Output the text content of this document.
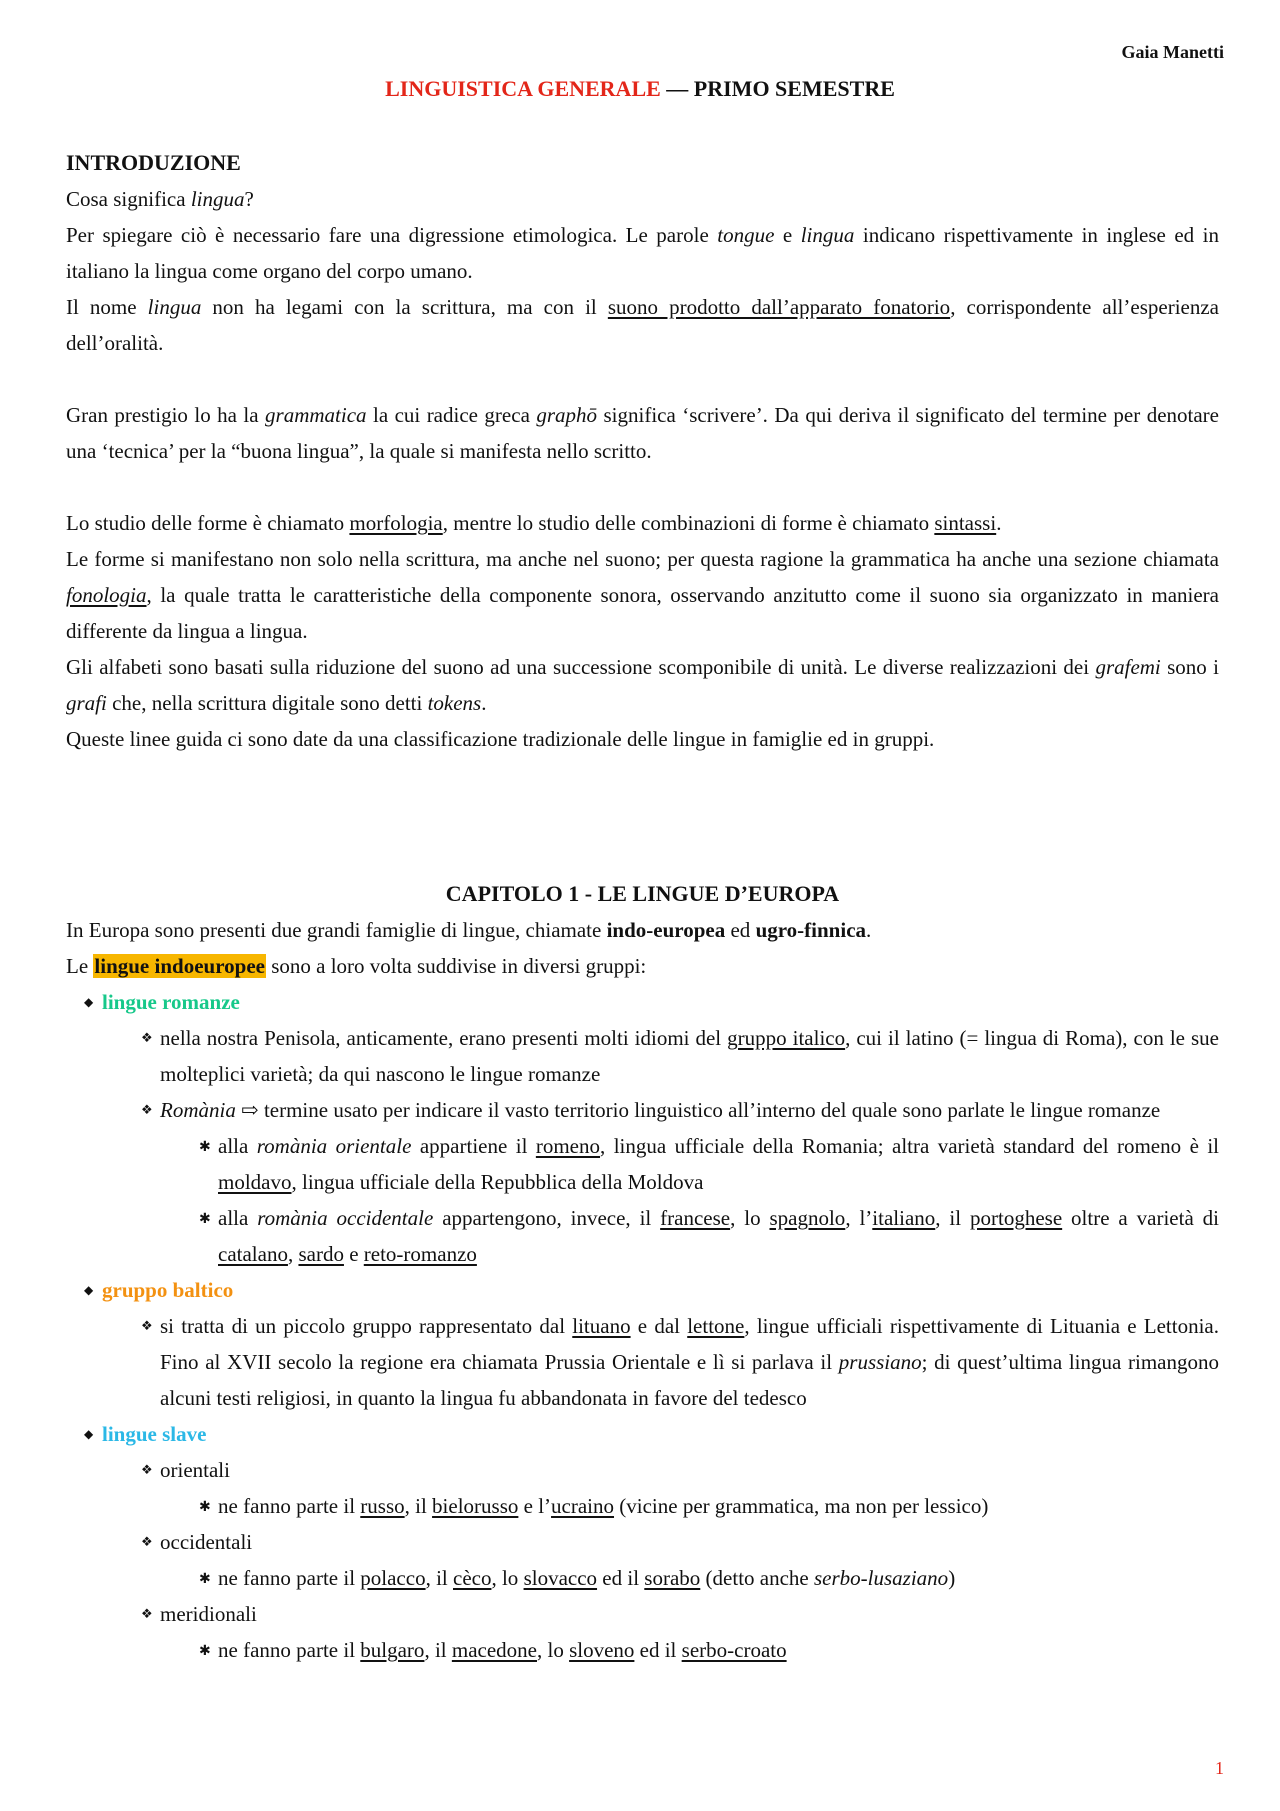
Gaia Manetti
LINGUISTICA GENERALE — PRIMO SEMESTRE
INTRODUZIONE

Cosa significa lingua?

Per spiegare ciò è necessario fare una digressione etimologica. Le parole tongue e lingua indicano rispettivamente in inglese ed in italiano la lingua come organo del corpo umano.

Il nome lingua non ha legami con la scrittura, ma con il suono prodotto dall’apparato fonatorio, corrispondente all’esperienza dell’oralità.

Gran prestigio lo ha la grammatica la cui radice greca graphō significa ‘scrivere’. Da qui deriva il significato del termine per denotare una ‘tecnica’ per la “buona lingua”, la quale si manifesta nello scritto.

Lo studio delle forme è chiamato morfologia, mentre lo studio delle combinazioni di forme è chiamato sintassi.

Le forme si manifestano non solo nella scrittura, ma anche nel suono; per questa ragione la grammatica ha anche una sezione chiamata fonologia, la quale tratta le caratteristiche della componente sonora, osservando anzitutto come il suono sia organizzato in maniera differente da lingua a lingua.

Gli alfabeti sono basati sulla riduzione del suono ad una successione scomponibile di unità. Le diverse realizzazioni dei grafemi sono i grafi che, nella scrittura digitale sono detti tokens.

Queste linee guida ci sono date da una classificazione tradizionale delle lingue in famiglie ed in gruppi.

CAPITOLO 1 - LE LINGUE D’EUROPA

In Europa sono presenti due grandi famiglie di lingue, chiamate indo-europea ed ugro-finnica.

Le lingue indoeuropee sono a loro volta suddivise in diversi gruppi:

◆ lingue romanze
❖ nella nostra Penisola, anticamente, erano presenti molti idiomi del gruppo italico, cui il latino (= lingua di Roma), con le sue molteplici varietà; da qui nascono le lingue romanze
❖ Romània ⇨ termine usato per indicare il vasto territorio linguistico all’interno del quale sono parlate le lingue romanze
✱ alla romània orientale appartiene il romeno, lingua ufficiale della Romania; altra varietà standard del romeno è il moldavo, lingua ufficiale della Repubblica della Moldova
✱ alla romània occidentale appartengono, invece, il francese, lo spagnolo, l’italiano, il portoghese oltre a varietà di catalano, sardo e reto-romanzo
◆ gruppo baltico
❖ si tratta di un piccolo gruppo rappresentato dal lituano e dal lettone, lingue ufficiali rispettivamente di Lituania e Lettonia. Fino al XVII secolo la regione era chiamata Prussia Orientale e lì si parlava il prussiano; di quest’ultima lingua rimangono alcuni testi religiosi, in quanto la lingua fu abbandonata in favore del tedesco
◆ lingue slave
❖ orientali
✱ ne fanno parte il russo, il bielorusso e l’ucraino (vicine per grammatica, ma non per lessico)
❖ occidentali
✱ ne fanno parte il polacco, il cèco, lo slovacco ed il sorabo (detto anche serbo-lusaziano)
❖ meridionali
✱ ne fanno parte il bulgaro, il macedone, lo sloveno ed il serbo-croato
1
